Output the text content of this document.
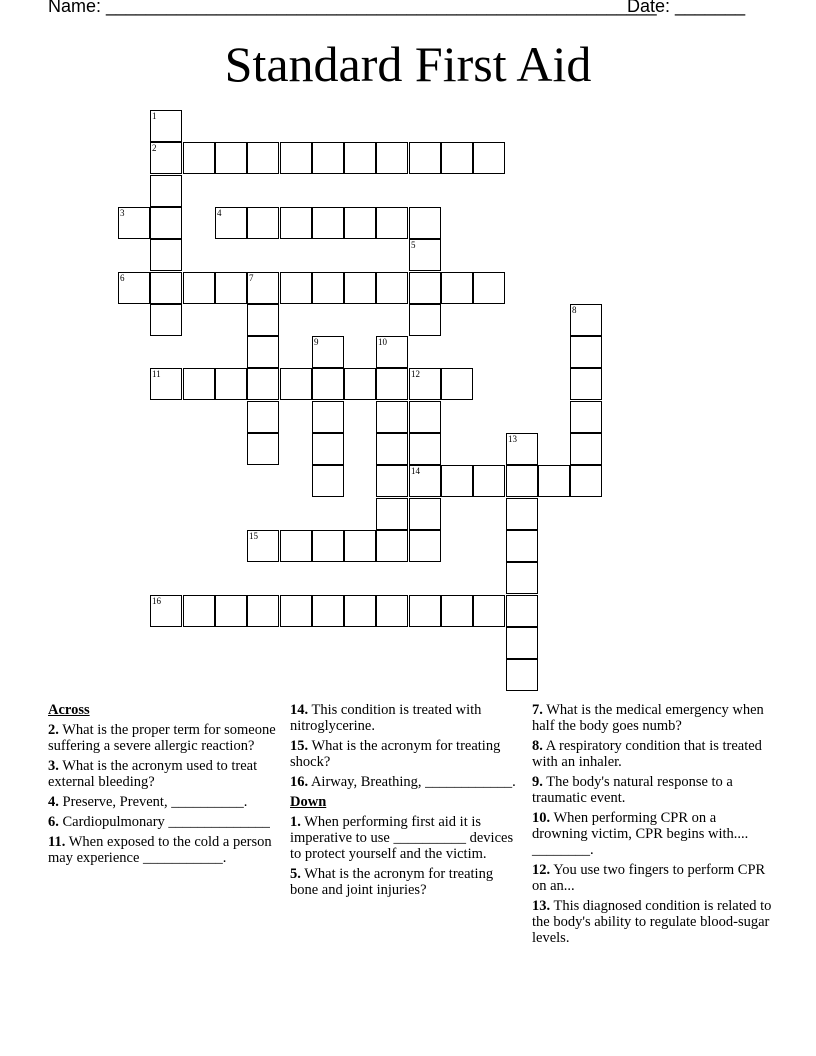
Name: _______________________________________________________
Date: _______
Standard First Aid
1
2
3	4
5
6	7
8
9	10
11	12
13
14
15
16
Across
2. What is the proper term for someone suffering a severe allergic reaction?
3. What is the acronym used to treat external bleeding?
4. Preserve, Prevent, __________.
6. Cardiopulmonary ______________
11. When exposed to the cold a person may experience ___________.
14. This condition is treated with nitroglycerine.
15. What is the acronym for treating shock?
16. Airway, Breathing, ____________.
Down
1. When performing first aid it is imperative to use __________ devices to protect yourself and the victim.
5. What is the acronym for treating bone and joint injuries?
7. What is the medical emergency when half the body goes numb?
8. A respiratory condition that is treated with an inhaler.
9. The body's natural response to a traumatic event.
10. When performing CPR on a drowning victim, CPR begins with.... ________.
12. You use two fingers to perform CPR on an...
13. This diagnosed condition is related to the body's ability to regulate blood-sugar levels.
